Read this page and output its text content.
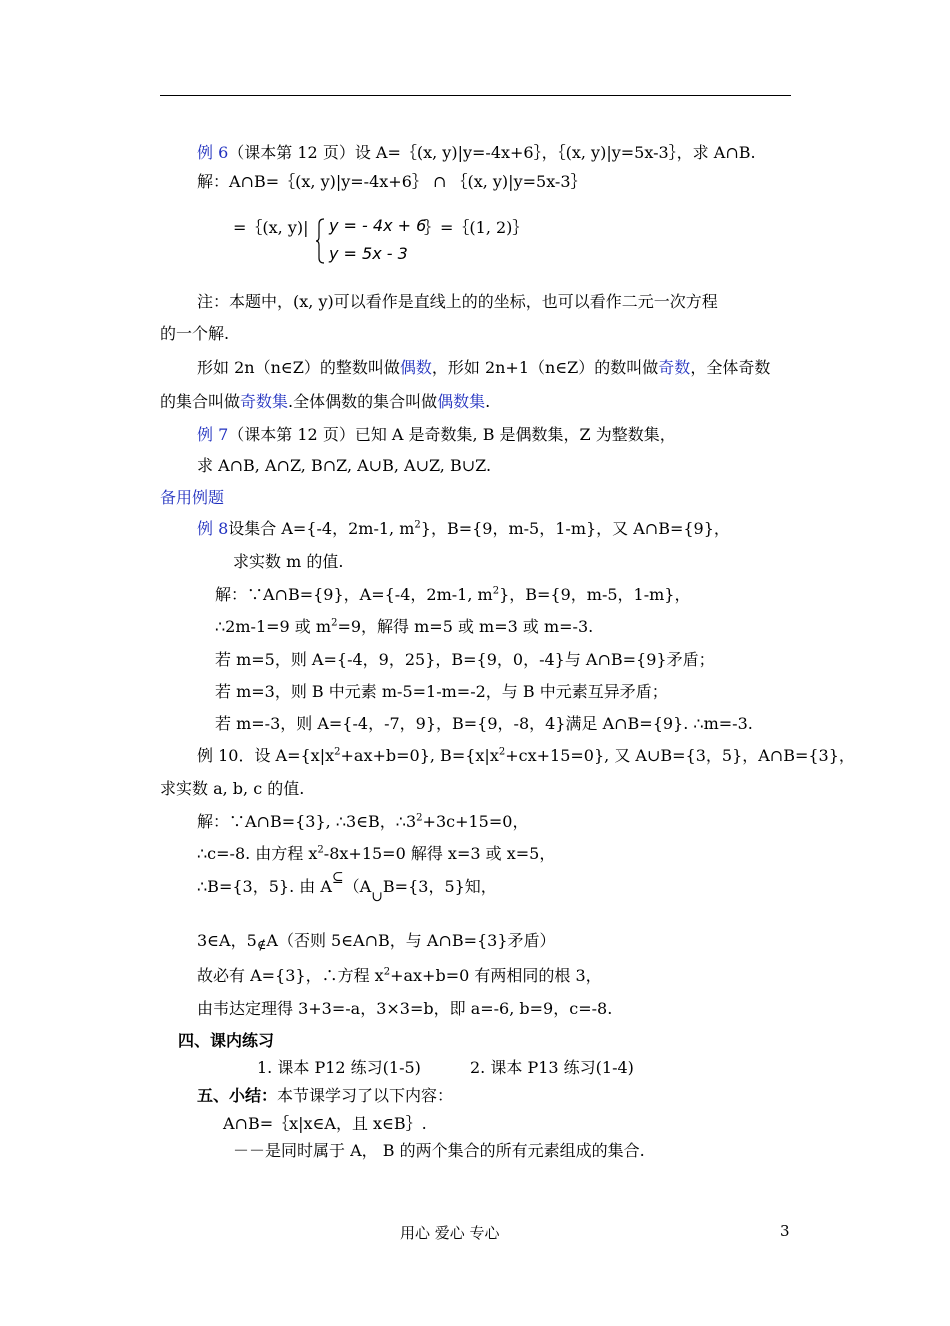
例 6（课本第 12 页）设 A=｛(x, y)|y=-4x+6｝，｛(x, y)|y=5x-3｝，求 A∩B.
解：A∩B=｛(x, y)|y=-4x+6｝ ∩ ｛(x, y)|y=5x-3｝
=｛(x, y)| y = - 4x + 6
y = 5x - 3
｝=｛(1, 2)｝
注：本题中，(x, y)可以看作是直线上的的坐标，也可以看作二元一次方程
的一个解.
形如 2n（n∈Z）的整数叫做偶数，形如 2n+1（n∈Z）的数叫做奇数，全体奇数
的集合叫做奇数集.全体偶数的集合叫做偶数集.
例 7（课本第 12 页）已知 A 是奇数集, B 是偶数集，Z 为整数集，
求 A∩B, A∩Z, B∩Z, A∪B, A∪Z, B∪Z.
备用例题
例 8设集合 A={-4，2m-1, $m^2$}，B={9，m-5，1-m}，又 A∩B={9}，
求实数 m 的值.
解：∵A∩B={9}，A={-4，2m-1, $m^2$}，B={9，m-5，1-m}，
∴2m-1=9 或 $m^2=9$，解得 m=5 或 m=3 或 m=-3.
若 m=5，则 A={-4，9，25}，B={9，0，-4}与 A∩B={9}矛盾；
若 m=3，则 B 中元素 m-5=1-m=-2，与 B 中元素互异矛盾；
若 m=-3，则 A={-4，-7，9}，B={9，-8，4}满足 A∩B={9}. ∴m=-3.
例 10．设 $A=\{x|x^2+ax+b=0\}$, $B=\{x|x^2+cx+15=0\}$, 又 A∪B={3，5}，A∩B={3}，
求实数 a, b, c 的值.
解：∵A∩B={3}, ∴3∈B，$\therefore 3^2+3c+15=0$，
∴c=-8. 由方程 $x^2-8x+15=0$ 解得 x=3 或 x=5，
∴B={3，5}. 由 A⊆（A∪B={3，5}知，
3∈A，5∉A（否则 5∈A∩B，与 A∩B={3}矛盾）
故必有 A={3}，∴方程 $x^2+ax+b=0$ 有两相同的根 3，
由韦达定理得 3+3=-a，3×3=b，即 a=-6, b=9，c=-8.
四、课内练习
1. 课本 P12 练习(1-5)	2. 课本 P13 练习(1-4)
五、小结：本节课学习了以下内容：
A∩B=｛x|x∈A，且 x∈B｝.
－－是同时属于 A， B 的两个集合的所有元素组成的集合.
用心 爱心 专心	3
